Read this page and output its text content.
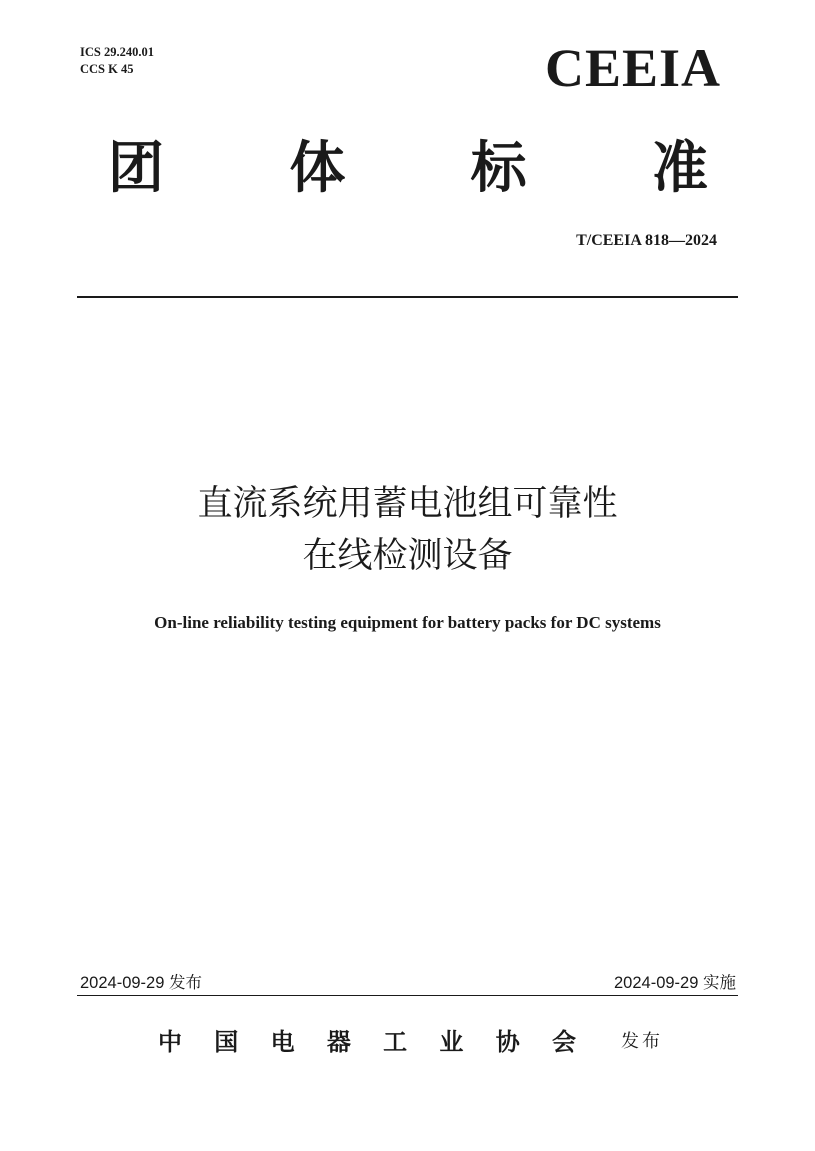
ICS 29.240.01
CCS K 45	CEEIA
团 体 标 准
T/CEEIA 818—2024
直流系统用蓄电池组可靠性
在线检测设备
On-line reliability testing equipment for battery packs for DC systems
2024-09-29 发布	2024-09-29 实施
中 国 电 器 工 业 协 会	发布
